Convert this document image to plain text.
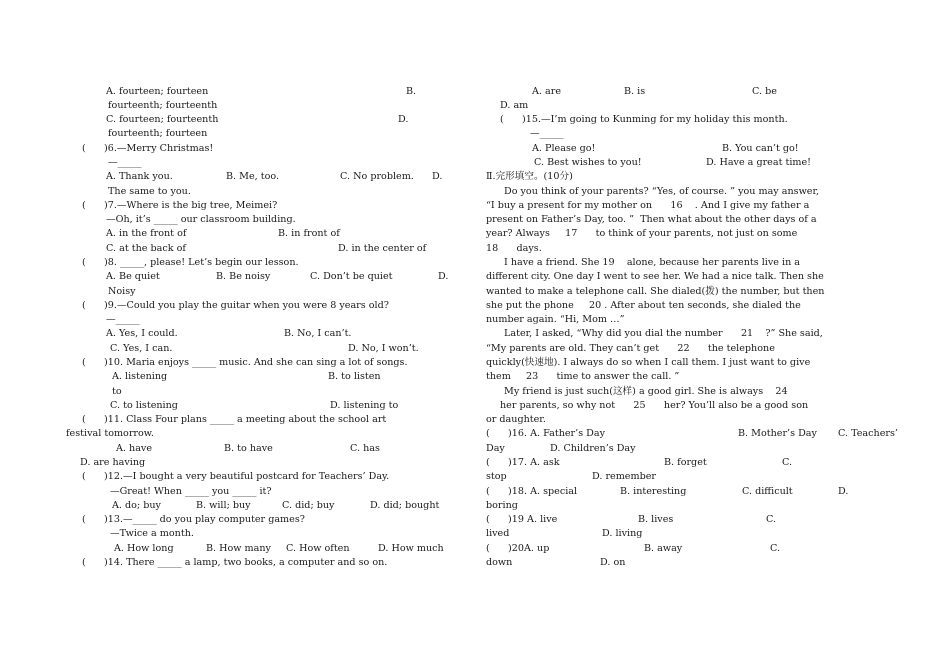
A. fourteen; fourteen	B.
fourteenth; fourteenth
C. fourteen; fourteenth	D.
fourteenth; fourteen
(      )6.—Merry Christmas!
—_____
A. Thank you.	B. Me, too.	C. No problem. D.
The same to you.
(      )7.—Where is the big tree, Meimei?
—Oh, it’s _____ our classroom building.
A. in the front of	B. in front of
C. at the back of	D. in the center of
(      )8. _____, please! Let’s begin our lesson.
A. Be quiet	B. Be noisy	C. Don’t be quiet	D.
Noisy
(      )9.—Could you play the guitar when you were 8 years old?
—_____
A. Yes, I could.	B. No, I can’t.
C. Yes, I can.	D. No, I won’t.
(      )10. Maria enjoys _____ music. And she can sing a lot of songs.
A. listening	B. to listen
to
C. to listening	D. listening to
(      )11. Class Four plans _____ a meeting about the school art
festival tomorrow.
A. have	B. to have	C. has
D. are having
(      )12.—I bought a very beautiful postcard for Teachers’ Day.
—Great! When _____ you _____ it?
A. do; buy	B. will; buy	C. did; buy	D. did; bought
(      )13.—_____ do you play computer games?
—Twice a month.
A. How long	B. How many C. How often	D. How much
(      )14. There _____ a lamp, two books, a computer and so on.
A. are	B. is	C. be
D. am
(      )15.—I’m going to Kunming for my holiday this month.
—_____
A. Please go!	B. You can’t go!
C. Best wishes to you!	D. Have a great time!
Ⅱ.完形填空。(10分)
Do you think of your parents? “Yes, of course. ” you may answer,
“I buy a present for my mother on      16    . And I give my father a
present on Father’s Day, too. ”  Then what about the other days of a
year? Always     17      to think of your parents, not just on some
18      days.
I have a friend. She 19    alone, because her parents live in a
different city. One day I went to see her. We had a nice talk. Then she
wanted to make a telephone call. She dialed(拨) the number, but then
she put the phone     20 . After about ten seconds, she dialed the
number again. “Hi, Mom …”
Later, I asked, “Why did you dial the number      21    ?” She said,
“My parents are old. They can’t get      22      the telephone
quickly(快速地). I always do so when I call them. I just want to give
them     23      time to answer the call. ”
My friend is just such(这样) a good girl. She is always    24
her parents, so why not      25      her? You’ll also be a good son
or daughter.
(      )16. A. Father’s Day	B. Mother’s Day C. Teachers’
Day	D. Children’s Day
(      )17. A. ask	B. forget	C.
stop	D. remember
(      )18. A. special	B. interesting	C. difficult	D.
boring
(      )19 A. live	B. lives	C.
lived	D. living
(      )20A. up	B. away	C.
down	D. on
